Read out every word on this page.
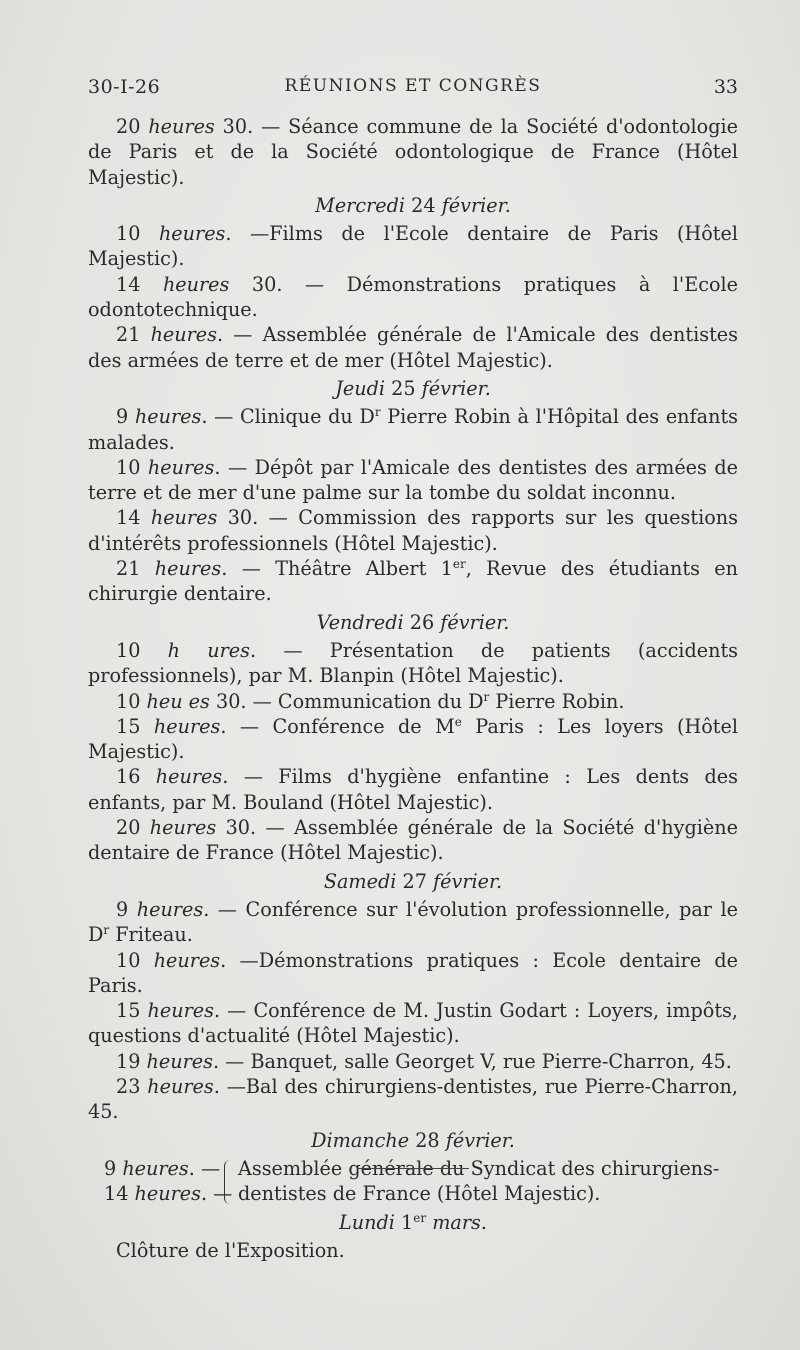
30-I-26	RÉUNIONS ET CONGRÈS	33

20 heures 30. — Séance commune de la Société d'odontologie de Paris et de la Société odontologique de France (Hôtel Majestic).

Mercredi 24 février.

10 heures. —Films de l'Ecole dentaire de Paris (Hôtel Majestic).

14 heures 30. — Démonstrations pratiques à l'Ecole odontotechnique.

21 heures. — Assemblée générale de l'Amicale des dentistes des armées de terre et de mer (Hôtel Majestic).

Jeudi 25 février.

9 heures. — Clinique du $D^r$ Pierre Robin à l'Hôpital des enfants malades.

10 heures. — Dépôt par l'Amicale des dentistes des armées de terre et de mer d'une palme sur la tombe du soldat inconnu.

14 heures 30. — Commission des rapports sur les questions d'intérêts professionnels (Hôtel Majestic).

21 heures. — Théâtre Albert 1er, Revue des étudiants en chirurgie dentaire.

Vendredi 26 février.

10 h ures. — Présentation de patients (accidents professionnels), par M. Blanpin (Hôtel Majestic).

10 heu es 30. — Communication du $D^r$ Pierre Robin.

15 heures. — Conférence de Me Paris : Les loyers (Hôtel Majestic).

16 heures. — Films d'hygiène enfantine : Les dents des enfants, par M. Bouland (Hôtel Majestic).

20 heures 30. — Assemblée générale de la Société d'hygiène dentaire de France (Hôtel Majestic).

Samedi 27 février.

9 heures. — Conférence sur l'évolution professionnelle, par le $D^r$ Friteau.

10 heures. —Démonstrations pratiques : Ecole dentaire de Paris.

15 heures. — Conférence de M. Justin Godart : Loyers, impôts, questions d'actualité (Hôtel Majestic).

19 heures. — Banquet, salle Georget V, rue Pierre-Charron, 45.

23 heures. —Bal des chirurgiens-dentistes, rue Pierre-Charron, 45.

Dimanche 28 février.

9 heures. —
14 heures. —
Assemblée générale du Syndicat des chirurgiens-
dentistes de France (Hôtel Majestic).

Lundi 1er mars.

Clôture de l'Exposition.
